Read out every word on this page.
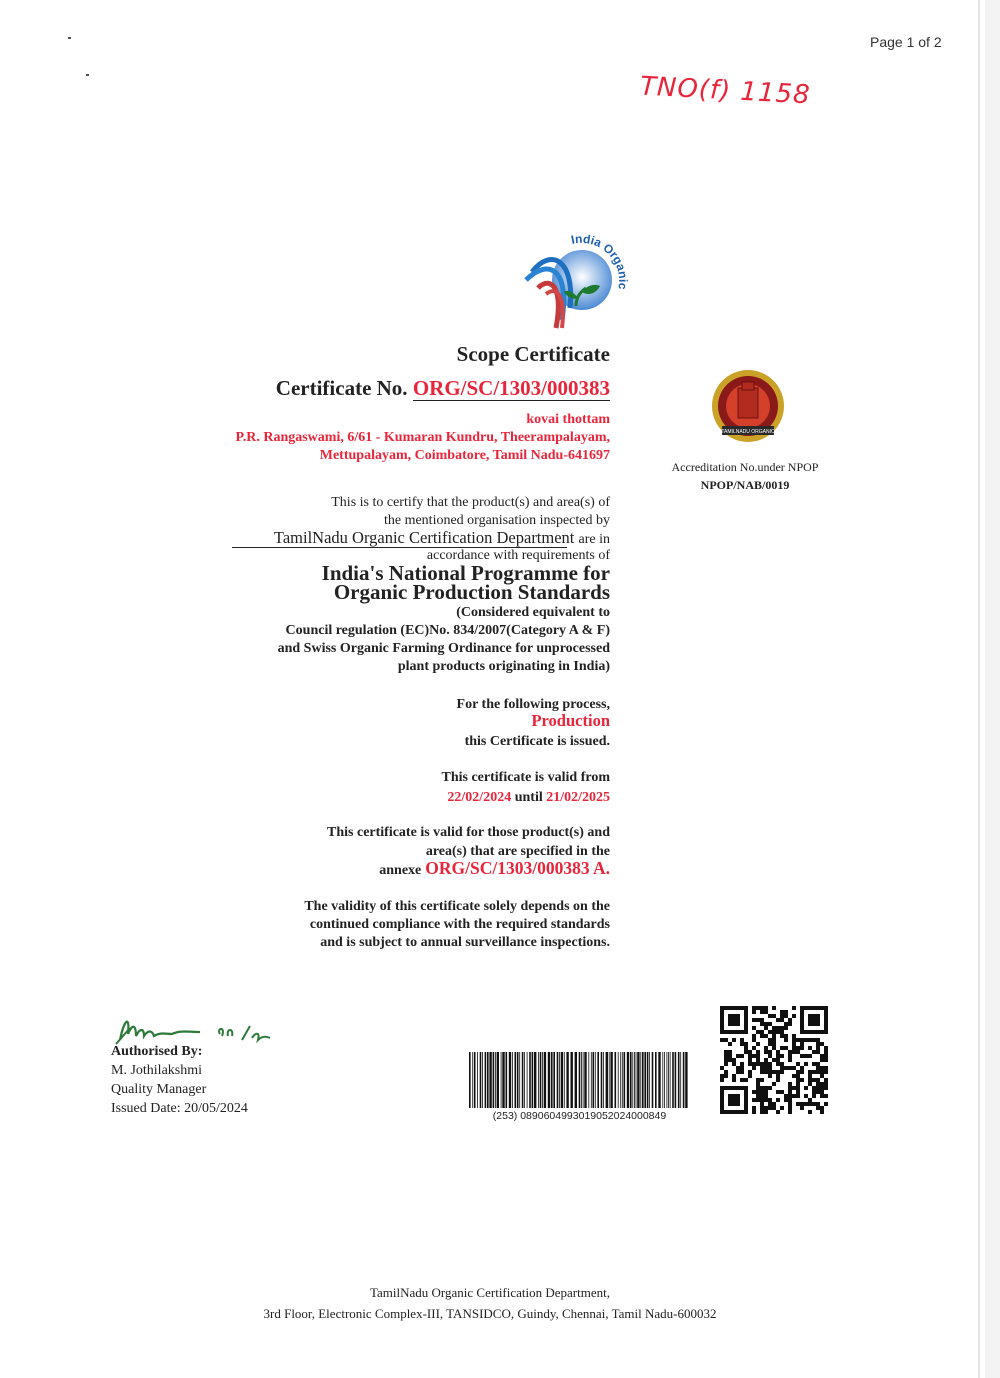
Page 1 of 2
TNO(f) 1158
India Organic
Scope Certificate
Certificate No. ORG/SC/1303/000383
kovai thottam
P.R. Rangaswami, 6/61 - Kumaran Kundru, Theerampalayam,
Mettupalayam, Coimbatore, Tamil Nadu-641697
TAMILNADU ORGANIC
Accreditation No.under NPOP
NPOP/NAB/0019
This is to certify that the product(s) and area(s) of
the mentioned organisation inspected by
TamilNadu Organic Certification Department are in
accordance with requirements of
India's National Programme for
Organic Production Standards
(Considered equivalent to
Council regulation (EC)No. 834/2007(Category A & F)
and Swiss Organic Farming Ordinance for unprocessed
plant products originating in India)
For the following process,
Production
this Certificate is issued.
This certificate is valid from
22/02/2024 until 21/02/2025
This certificate is valid for those product(s) and
area(s) that are specified in the
annexe ORG/SC/1303/000383 A.
The validity of this certificate solely depends on the
continued compliance with the required standards
and is subject to annual surveillance inspections.
Authorised By:
M. Jothilakshmi
Quality Manager
Issued Date: 20/05/2024	(253) 0890604993019052024000849
TamilNadu Organic Certification Department,
3rd Floor, Electronic Complex-III, TANSIDCO, Guindy, Chennai, Tamil Nadu-600032
